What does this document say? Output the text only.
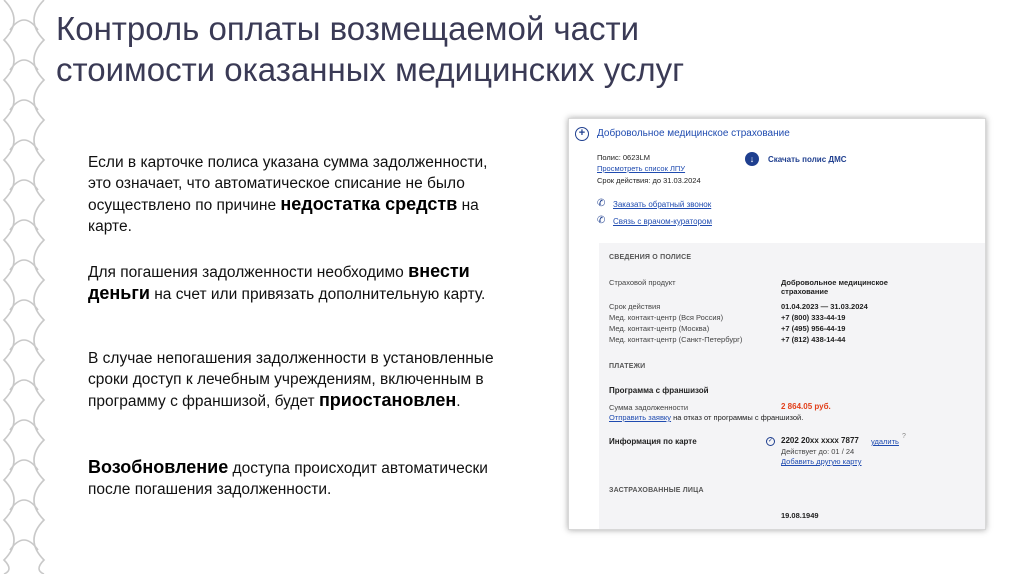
Контроль оплаты возмещаемой части
стоимости оказанных медицинских услуг
Если в карточке полиса указана сумма задолженности, это означает, что автоматическое списание не было осуществлено по причине недостатка средств на карте.
Для погашения задолженности необходимо внести деньги на счет или привязать дополнительную карту.
В случае непогашения задолженности в установленные сроки доступ к лечебным учреждениям, включенным в программу с франшизой, будет приостановлен.
Возобновление доступа происходит автоматически после погашения задолженности.
+	Добровольное медицинское страхование
Полис: 0623LM
Просмотреть список ЛПУ
Срок действия: до 31.03.2024
↓	Скачать полис ДМС
✆ Заказать обратный звонок
✆ Связь с врачом-куратором
СВЕДЕНИЯ О ПОЛИСЕ
Страховой продукт	Добровольное медицинское страхование
Срок действия	01.04.2023 — 31.03.2024
Мед. контакт-центр (Вся Россия)	+7 (800) 333-44-19
Мед. контакт-центр (Москва)	+7 (495) 956-44-19
Мед. контакт-центр (Санкт-Петербург)	+7 (812) 438-14-44
ПЛАТЕЖИ
Программа с франшизой
Сумма задолженности	2 864.05 руб.
Отправить заявку на отказ от программы с франшизой.
Информация по карте	✓ 2202 20xx xxxx 7877 удалить
?
Действует до: 01 / 24
Добавить другую карту
ЗАСТРАХОВАННЫЕ ЛИЦА
19.08.1949
